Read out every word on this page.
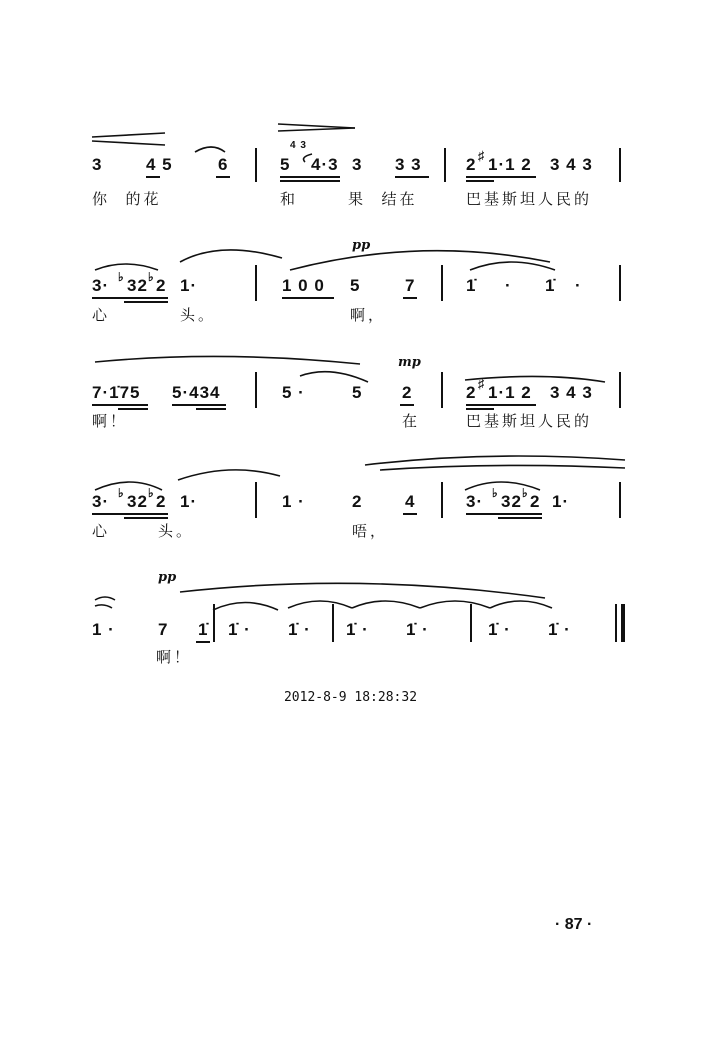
3	4 5	6	5
4 3
4·3 3 3 3	2 ♯ 1·1 2 3 4 3
你  的花	和	果  结在	巴基斯坦人民的
pp
3· ♭ 32 ♭ 2 1·	1 0 0 5	7	1̇ · 1̇ ·
心	头。	啊，
mp
7·1̇75 5·434	5 ·	5 2	2 ♯ 1·1 2 3 4 3
啊！	在	巴基斯坦人民的
3· ♭ 32 ♭ 2 1·	1 ·	2	4	3· ♭ 32 ♭ 2 1·
心	头。	唔，
pp
1 ·	7 1̇ 1̇ · 1̇ · 1̇ · 1̇ ·	1̇ · 1̇ ·
啊！
2012-8-9 18:28:32
· 87 ·
